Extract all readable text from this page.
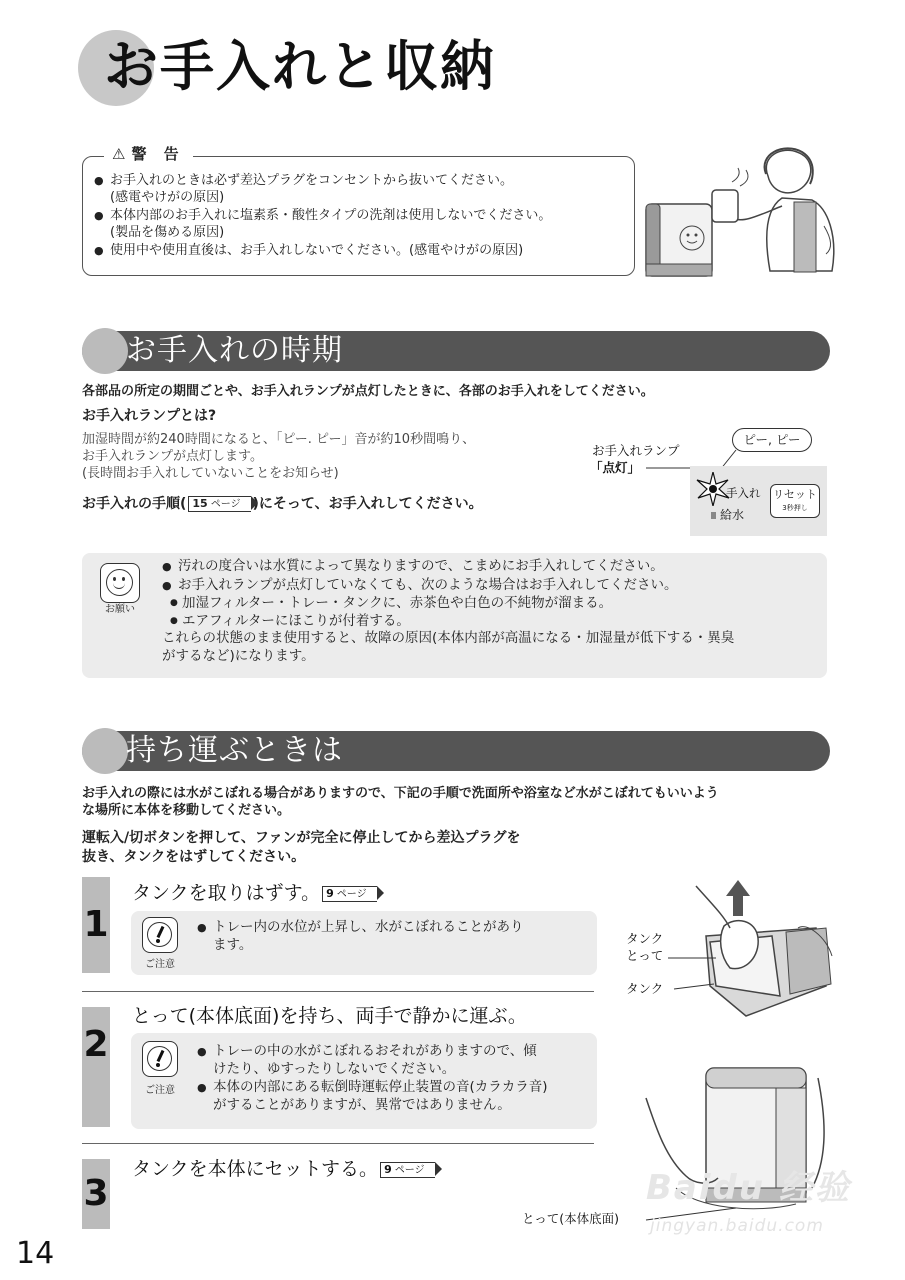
お手入れと収納
⚠ 警 告
● お手入れのときは必ず差込プラグをコンセントから抜いてください。
(感電やけがの原因)
● 本体内部のお手入れに塩素系・酸性タイプの洗剤は使用しないでください。
(製品を傷める原因)
● 使用中や使用直後は、お手入れしないでください。(感電やけがの原因)
お手入れの時期
各部品の所定の期間ごとや、お手入れランプが点灯したときに、各部のお手入れをしてください。
お手入れランプとは?
加湿時間が約240時間になると、「ピー. ピー」音が約10秒間鳴り、
お手入れランプが点灯します。
(長時間お手入れしていないことをお知らせ)
お手入れの手順( 15 ページ )にそって、お手入れしてください。
お手入れランプ
「点灯」
ピー, ピー
手入れ
給水
リセット
3秒押し
お願い
● 汚れの度合いは水質によって異なりますので、こまめにお手入れしてください。
● お手入れランプが点灯していなくても、次のような場合はお手入れしてください。
● 加湿フィルター・トレー・タンクに、赤茶色や白色の不純物が溜まる。
● エアフィルターにほこりが付着する。
これらの状態のまま使用すると、故障の原因(本体内部が高温になる・加湿量が低下する・異臭
がするなど)になります。
持ち運ぶときは
お手入れの際には水がこぼれる場合がありますので、下記の手順で洗面所や浴室など水がこぼれてもいいよう
な場所に本体を移動してください。
運転入/切ボタンを押して、ファンが完全に停止してから差込プラグを
抜き、タンクをはずしてください。
1
タンクを取りはずす。 9 ページ
ご注意
● トレー内の水位が上昇し、水がこぼれることがあり
ます。
2
とって(本体底面)を持ち、両手で静かに運ぶ。
ご注意
● トレーの中の水がこぼれるおそれがありますので、傾
けたり、ゆすったりしないでください。
● 本体の内部にある転倒時運転停止装置の音(カラカラ音)
がすることがありますが、異常ではありません。
3
タンクを本体にセットする。 9 ページ
タンク
とって
タンク
とって(本体底面)
Baidu 经验
jingyan.baidu.com
14
